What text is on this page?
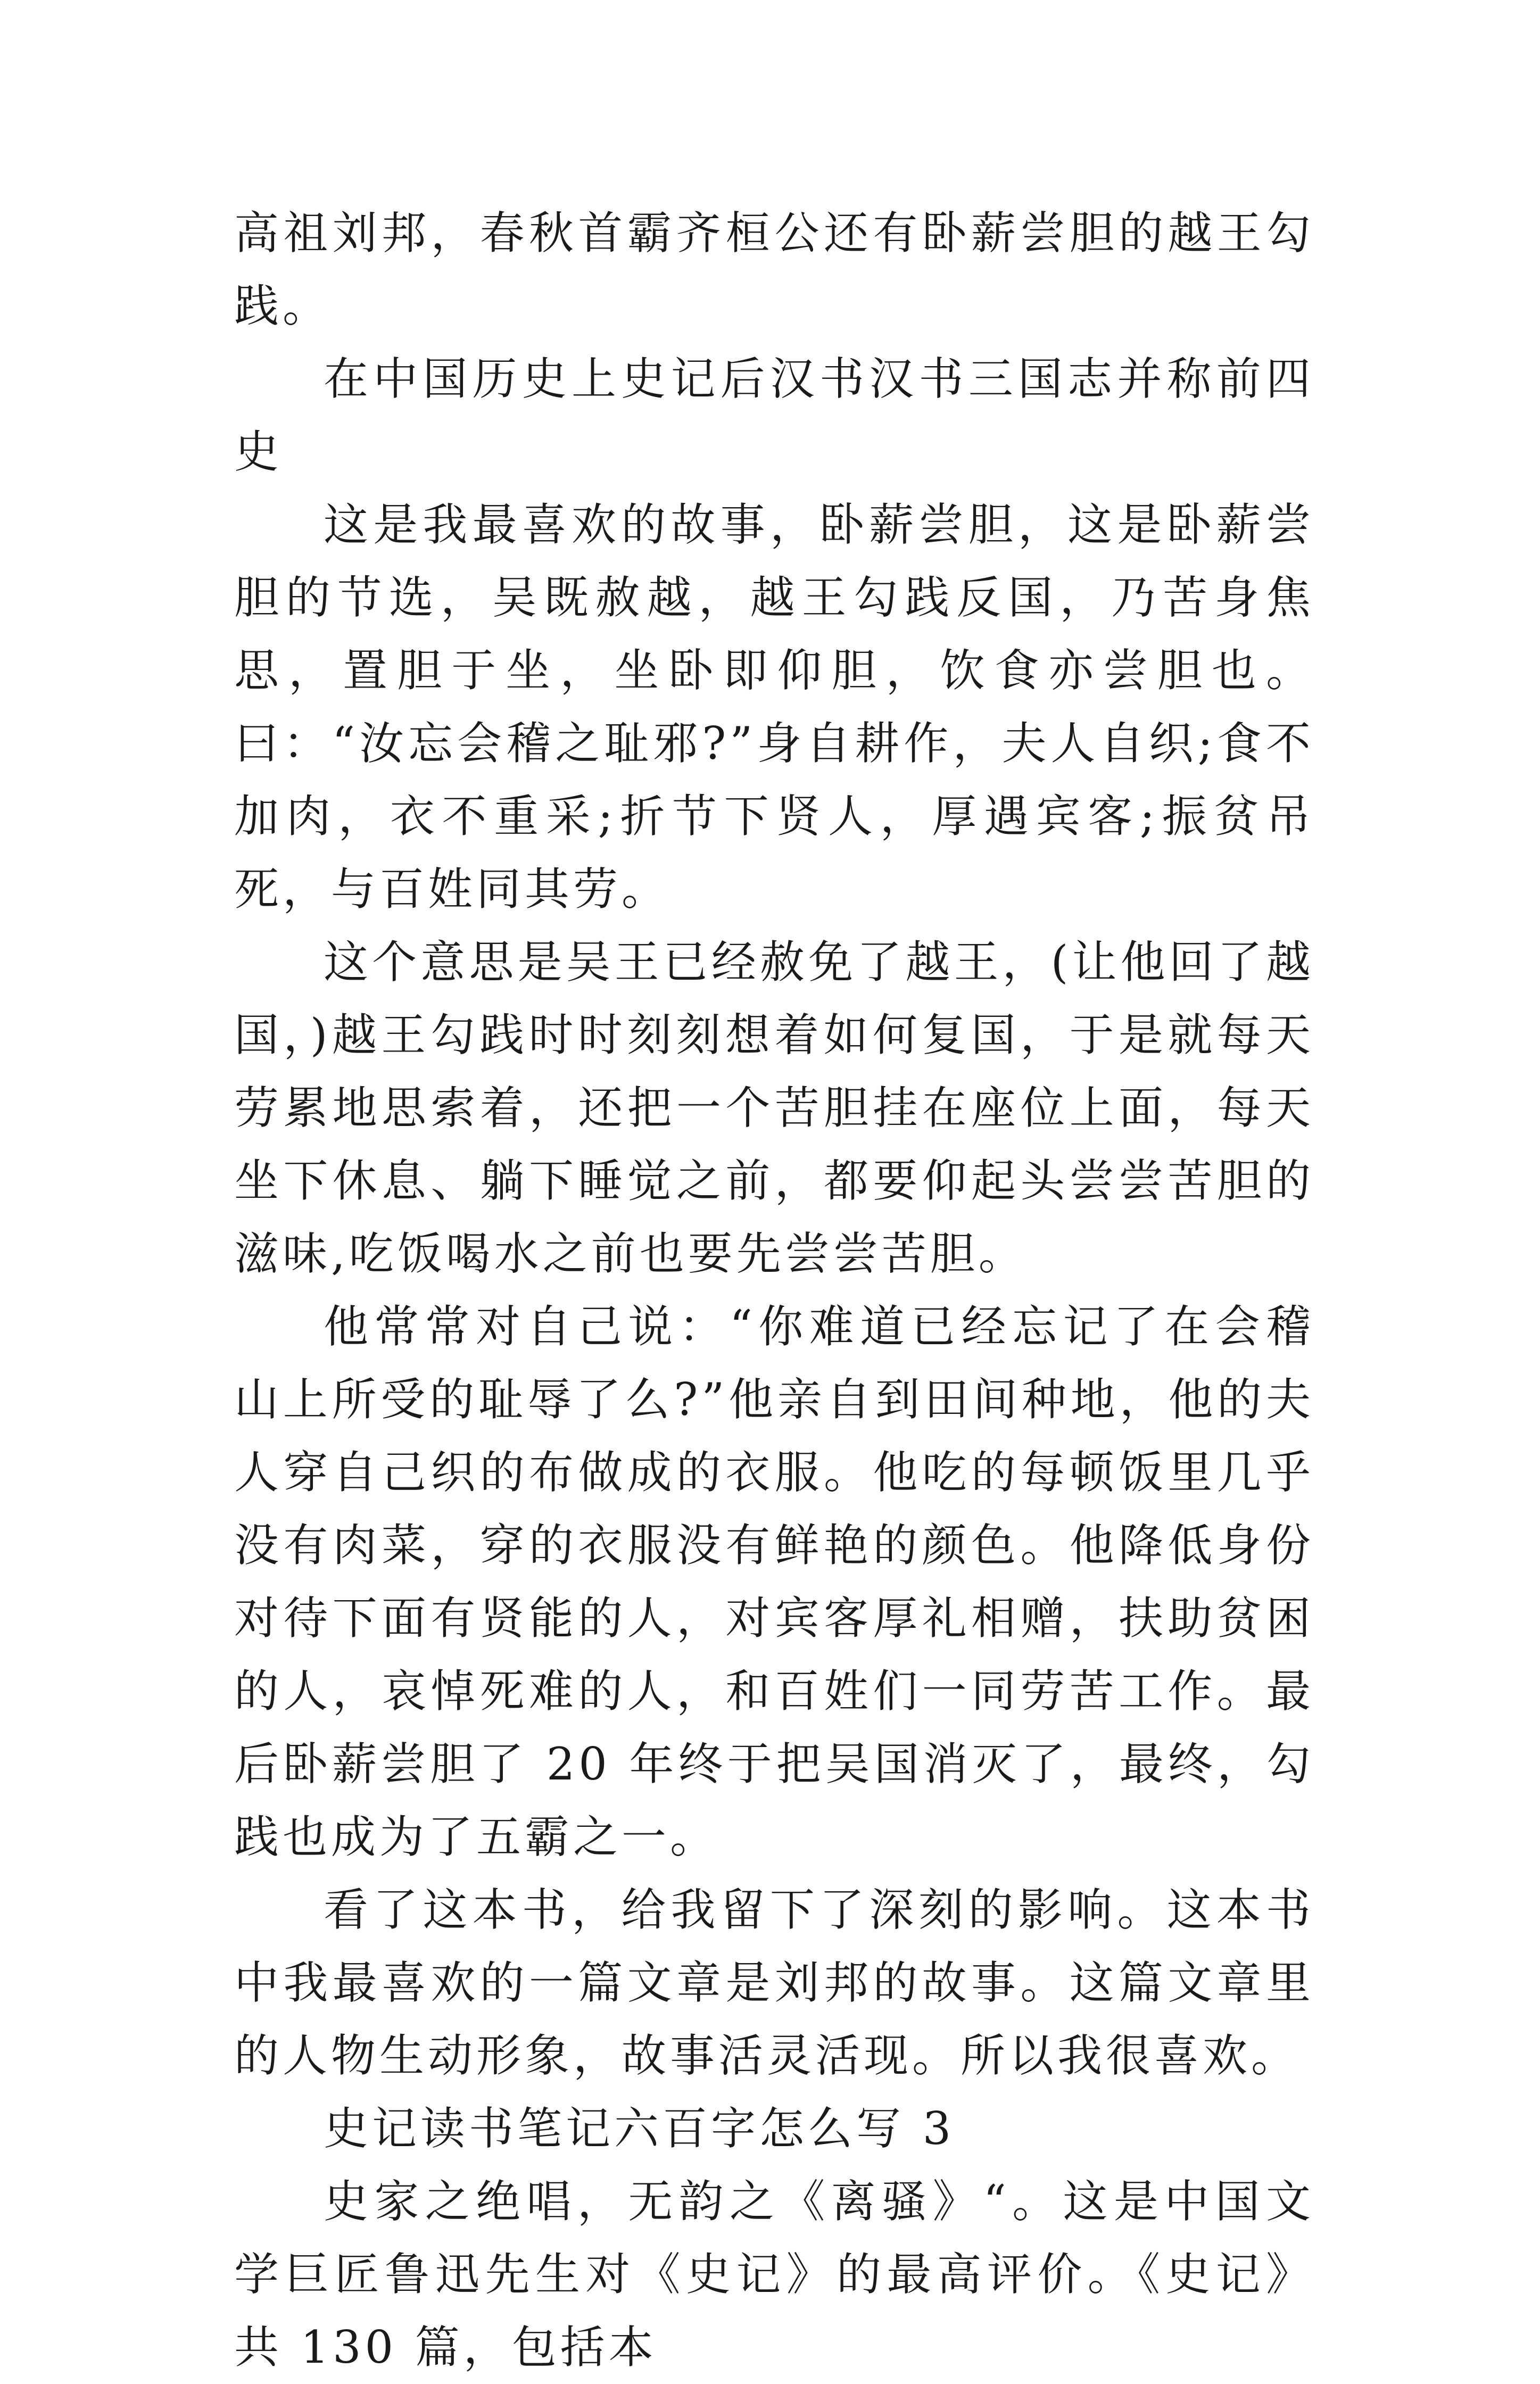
高祖刘邦，春秋首霸齐桓公还有卧薪尝胆的越王勾践。

在中国历史上史记后汉书汉书三国志并称前四史

这是我最喜欢的故事，卧薪尝胆，这是卧薪尝胆的节选，吴既赦越，越王勾践反国，乃苦身焦思，置胆于坐，坐卧即仰胆，饮食亦尝胆也。曰：“汝忘会稽之耻邪?”身自耕作，夫人自织;食不加肉，衣不重采;折节下贤人，厚遇宾客;振贫吊死，与百姓同其劳。

这个意思是吴王已经赦免了越王，(让他回了越国，)越王勾践时时刻刻想着如何复国，于是就每天劳累地思索着，还把一个苦胆挂在座位上面，每天坐下休息、躺下睡觉之前，都要仰起头尝尝苦胆的滋味,吃饭喝水之前也要先尝尝苦胆。

他常常对自己说：“你难道已经忘记了在会稽山上所受的耻辱了么?”他亲自到田间种地，他的夫人穿自己织的布做成的衣服。他吃的每顿饭里几乎没有肉菜，穿的衣服没有鲜艳的颜色。他降低身份对待下面有贤能的人，对宾客厚礼相赠，扶助贫困的人，哀悼死难的人，和百姓们一同劳苦工作。最后卧薪尝胆了 20 年终于把吴国消灭了，最终，勾践也成为了五霸之一。

看了这本书，给我留下了深刻的影响。这本书中我最喜欢的一篇文章是刘邦的故事。这篇文章里的人物生动形象，故事活灵活现。所以我很喜欢。

史记读书笔记六百字怎么写 3

史家之绝唱，无韵之《离骚》“。这是中国文学巨匠鲁迅先生对《史记》的最高评价。《史记》共 130 篇，包括本
